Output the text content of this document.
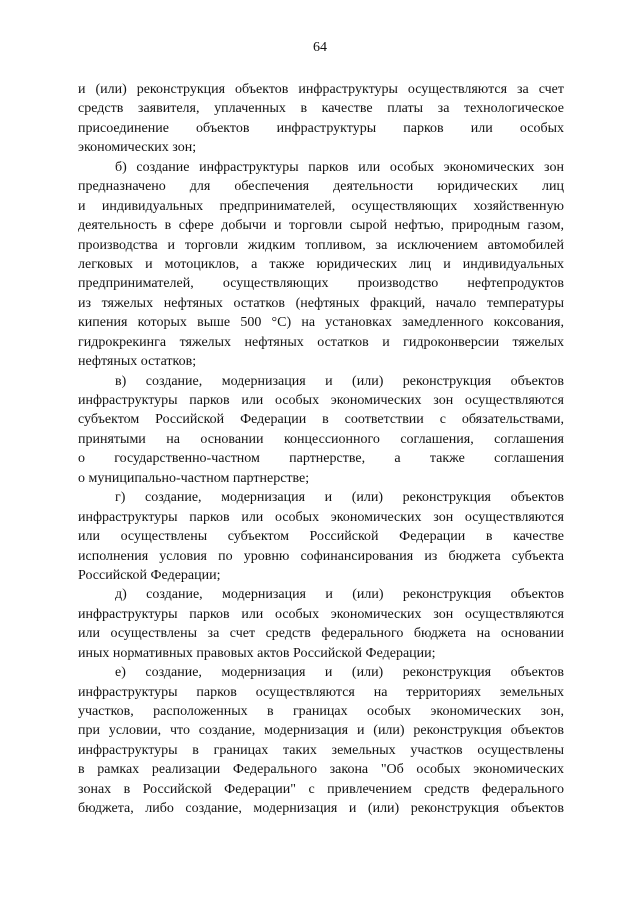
64
и (или) реконструкция объектов инфраструктуры осуществляются за счет
средств заявителя, уплаченных в качестве платы за технологическое
присоединение объектов инфраструктуры парков или особых
экономических зон;
б) создание инфраструктуры парков или особых экономических зон
предназначено для обеспечения деятельности юридических лиц
и индивидуальных предпринимателей, осуществляющих хозяйственную
деятельность в сфере добычи и торговли сырой нефтью, природным газом,
производства и торговли жидким топливом, за исключением автомобилей
легковых и мотоциклов, а также юридических лиц и индивидуальных
предпринимателей, осуществляющих производство нефтепродуктов
из тяжелых нефтяных остатков (нефтяных фракций, начало температуры
кипения которых выше 500 °С) на установках замедленного коксования,
гидрокрекинга тяжелых нефтяных остатков и гидроконверсии тяжелых
нефтяных остатков;
в) создание, модернизация и (или) реконструкция объектов
инфраструктуры парков или особых экономических зон осуществляются
субъектом Российской Федерации в соответствии с обязательствами,
принятыми на основании концессионного соглашения, соглашения
о государственно-частном партнерстве, а также соглашения
о муниципально-частном партнерстве;
г) создание, модернизация и (или) реконструкция объектов
инфраструктуры парков или особых экономических зон осуществляются
или осуществлены субъектом Российской Федерации в качестве
исполнения условия по уровню софинансирования из бюджета субъекта
Российской Федерации;
д) создание, модернизация и (или) реконструкция объектов
инфраструктуры парков или особых экономических зон осуществляются
или осуществлены за счет средств федерального бюджета на основании
иных нормативных правовых актов Российской Федерации;
е) создание, модернизация и (или) реконструкция объектов
инфраструктуры парков осуществляются на территориях земельных
участков, расположенных в границах особых экономических зон,
при условии, что создание, модернизация и (или) реконструкция объектов
инфраструктуры в границах таких земельных участков осуществлены
в рамках реализации Федерального закона "Об особых экономических
зонах в Российской Федерации" с привлечением средств федерального
бюджета, либо создание, модернизация и (или) реконструкция объектов
